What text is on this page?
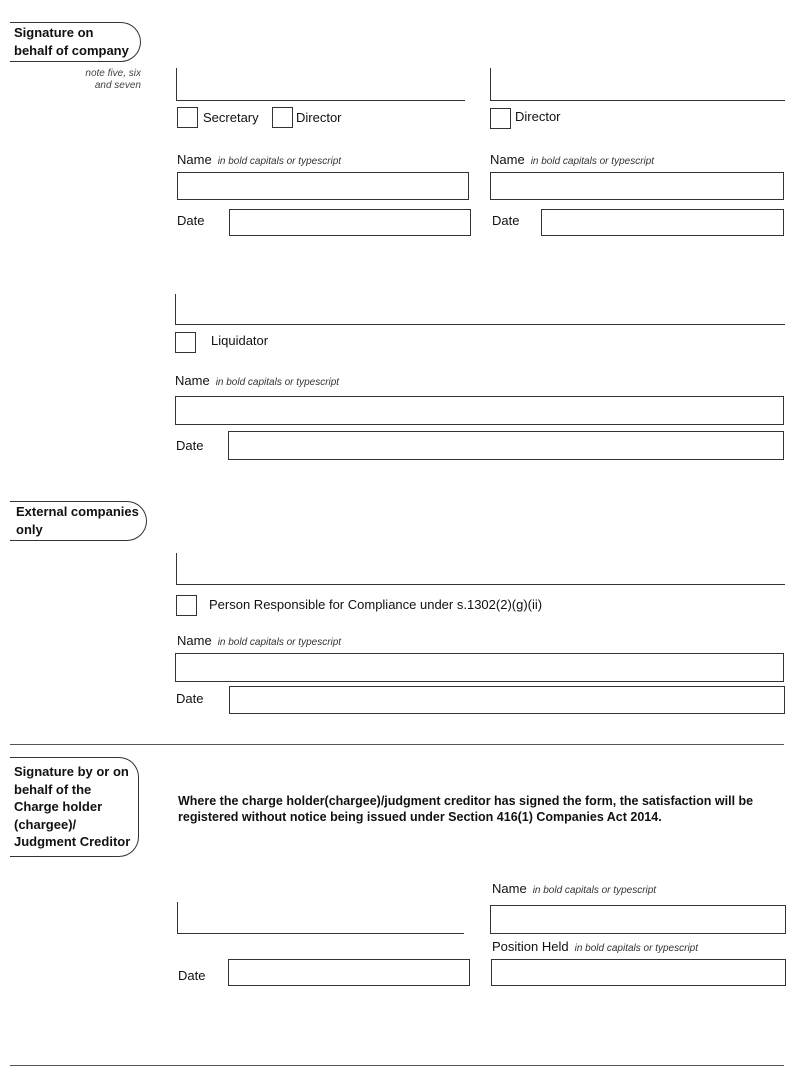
Signature on
behalf of company
note five, six
and seven
Secretary	Director	Director
Name in bold capitals or typescript	Name in bold capitals or typescript
Date	Date
Liquidator
Name in bold capitals or typescript
Date
External companies
only
Person Responsible for Compliance under s.1302(2)(g)(ii)
Name in bold capitals or typescript
Date
Signature by or on
behalf of the
Charge holder
(chargee)/
Judgment Creditor
Where the charge holder(chargee)/judgment creditor has signed the form, the satisfaction will be
registered without notice being issued under Section 416(1) Companies Act 2014.
Name in bold capitals or typescript
Position Held in bold capitals or typescript
Date
